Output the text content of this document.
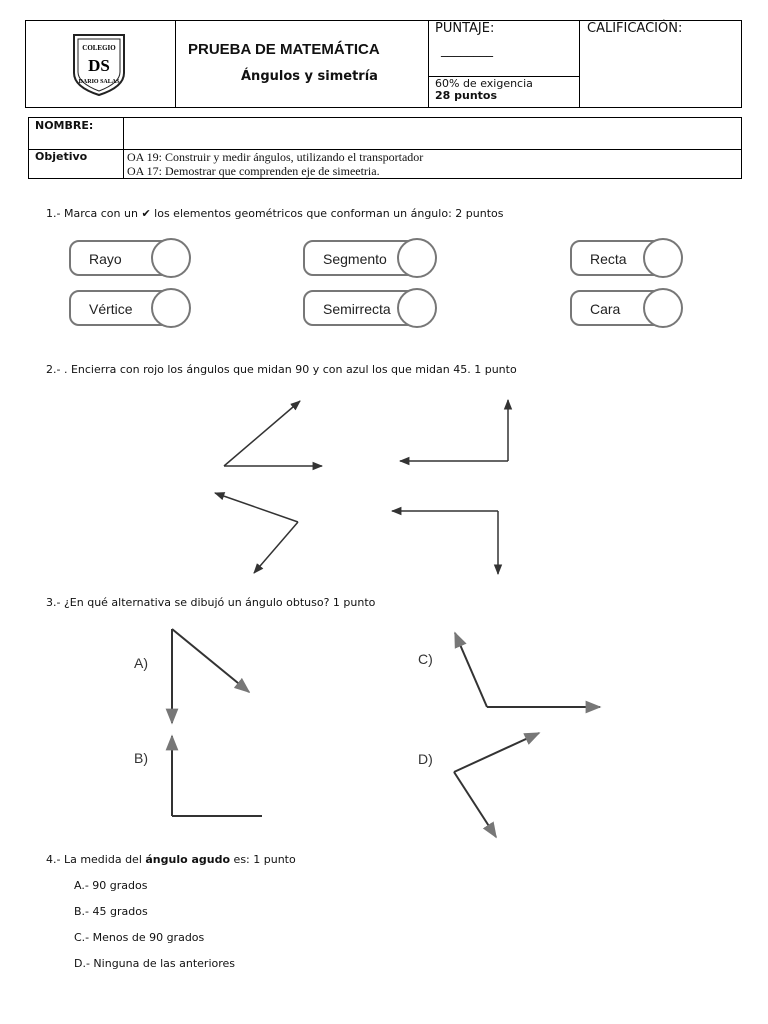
COLEGIO
DS
DARIO SALAS

PRUEBA DE MATEMÁTICA
Ángulos y simetría

PUNTAJE:
________
60% de exigencia
28 puntos

CALIFICACIÓN:
NOMBRE:	
Objetivo	OA 19: Construir y medir ángulos, utilizando el transportador
OA 17: Demostrar que comprenden eje de simeetria.
1.- Marca con un ✔ los elementos geométricos que conforman un ángulo: 2 puntos
Rayo	Segmento	Recta
Vértice	Semirrecta	Cara
2.- . Encierra con rojo los ángulos que midan 90 y con azul los que midan 45. 1 punto
3.- ¿En qué alternativa se dibujó un ángulo obtuso? 1 punto
A)
B)
C)
D)
4.- La medida del ángulo agudo es: 1 punto
A.- 90 grados
B.- 45 grados
C.- Menos de 90 grados
D.- Ninguna de las anteriores
